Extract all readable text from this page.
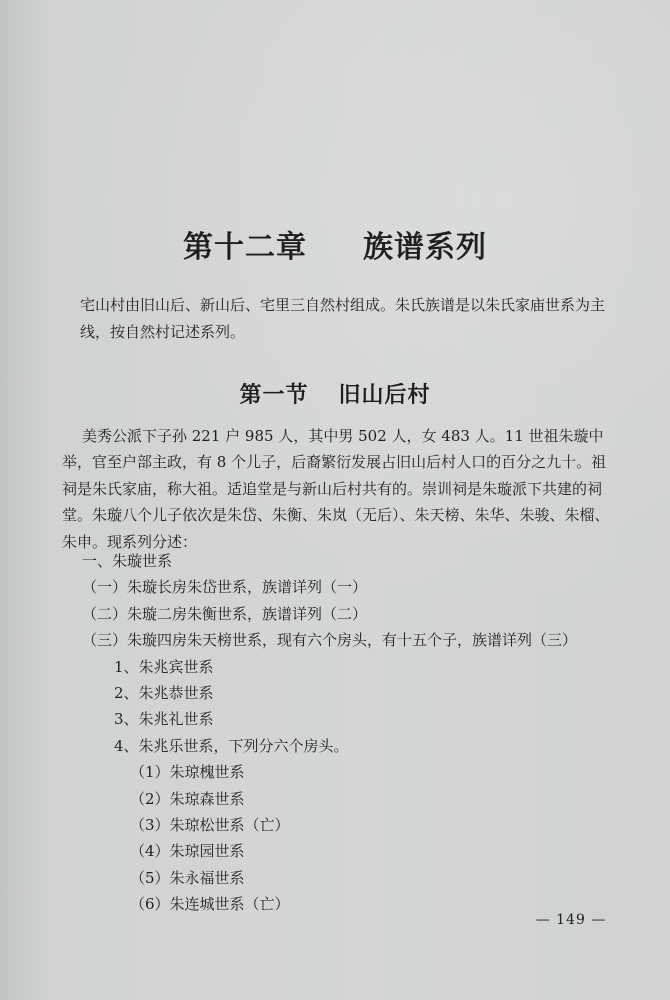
第十二章 族谱系列
宅山村由旧山后、新山后、宅里三自然村组成。朱氏族谱是以朱氏家庙世系为主线，按自然村记述系列。
第一节 旧山后村
美秀公派下子孙 221 户 985 人，其中男 502 人，女 483 人。11 世祖朱璇中举，官至户部主政，有 8 个儿子，后裔繁衍发展占旧山后村人口的百分之九十。祖祠是朱氏家庙，称大祖。适追堂是与新山后村共有的。崇训祠是朱璇派下共建的祠堂。朱璇八个儿子依次是朱岱、朱衡、朱岚（无后）、朱天榜、朱华、朱骏、朱榴、朱申。现系列分述：
一、朱璇世系
（一）朱璇长房朱岱世系，族谱详列（一）
（二）朱璇二房朱衡世系，族谱详列（二）
（三）朱璇四房朱天榜世系，现有六个房头，有十五个子，族谱详列（三）
1、朱兆宾世系
2、朱兆恭世系
3、朱兆礼世系
4、朱兆乐世系，下列分六个房头。
（1）朱琼槐世系
（2）朱琼森世系
（3）朱琼松世系（亡）
（4）朱琼园世系
（5）朱永福世系
（6）朱连城世系（亡）
— 149 —
